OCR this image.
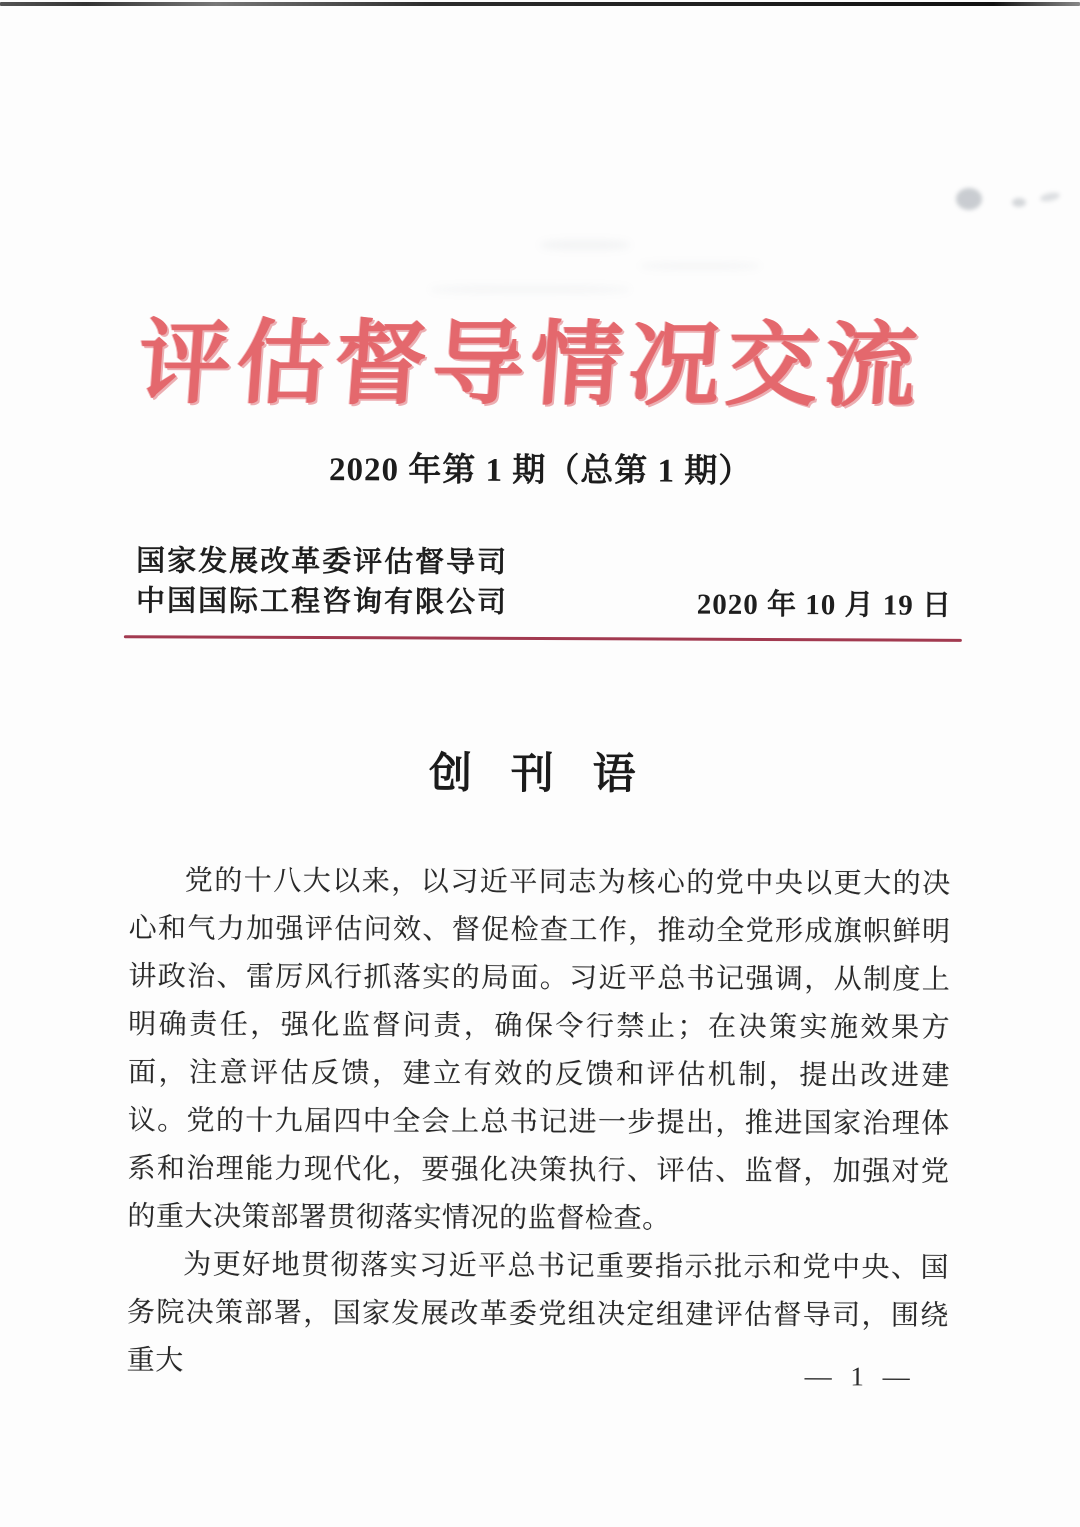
评估督导情况交流
2020 年第 1 期（总第 1 期）
国家发展改革委评估督导司
中国国际工程咨询有限公司	2020 年 10 月 19 日
创 刊 语

党的十八大以来，以习近平同志为核心的党中央以更大的决心和气力加强评估问效、督促检查工作，推动全党形成旗帜鲜明讲政治、雷厉风行抓落实的局面。习近平总书记强调，从制度上明确责任，强化监督问责，确保令行禁止；在决策实施效果方面，注意评估反馈，建立有效的反馈和评估机制，提出改进建议。党的十九届四中全会上总书记进一步提出，推进国家治理体系和治理能力现代化，要强化决策执行、评估、监督，加强对党的重大决策部署贯彻落实情况的监督检查。

为更好地贯彻落实习近平总书记重要指示批示和党中央、国务院决策部署，国家发展改革委党组决定组建评估督导司，围绕重大	— 1 —
